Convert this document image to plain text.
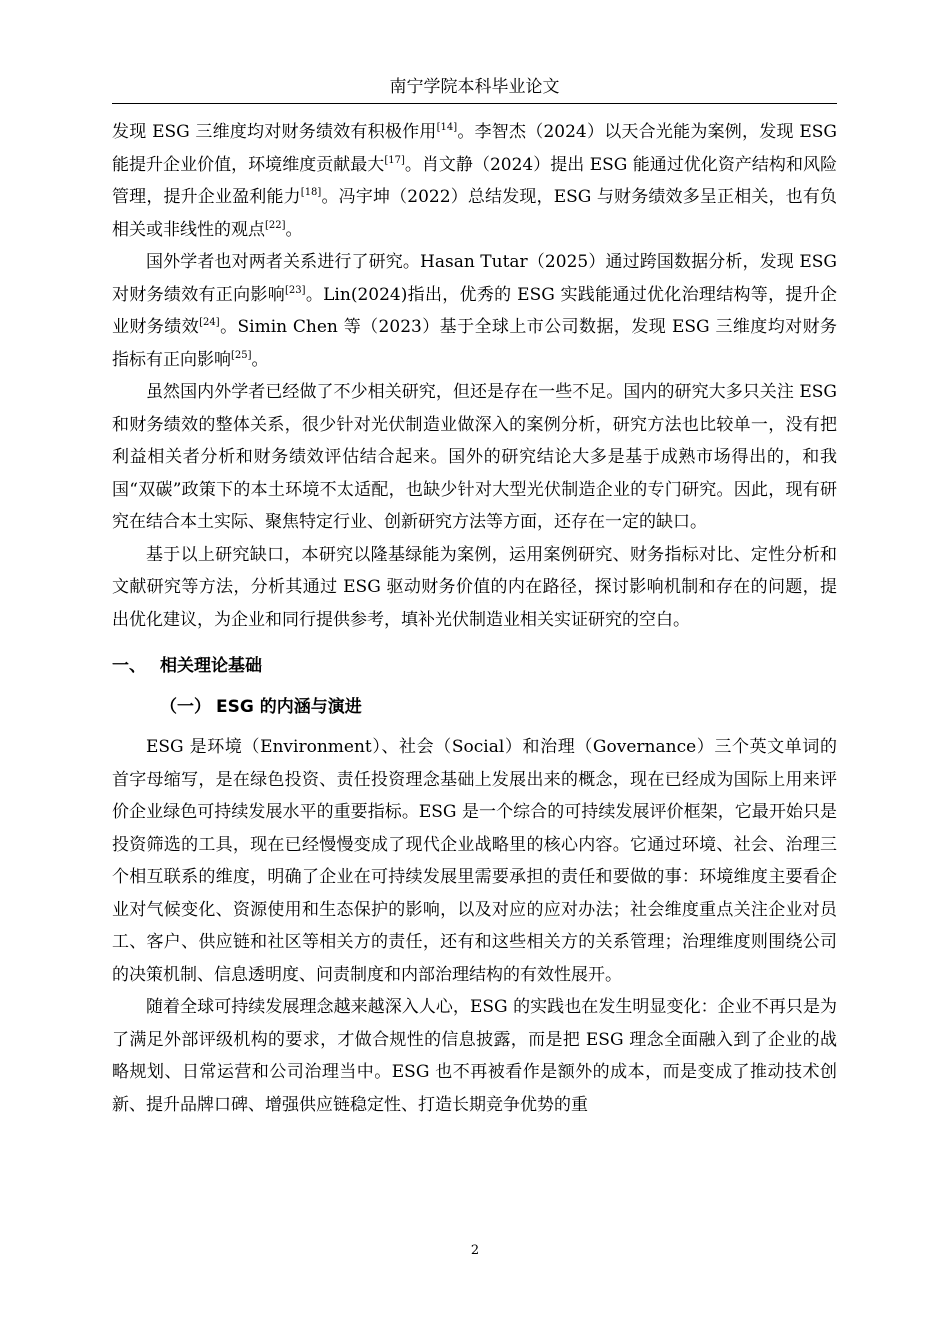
南宁学院本科毕业论文

发现 ESG 三维度均对财务绩效有积极作用[14]。李智杰（2024）以天合光能为案例，发现 ESG 能提升企业价值，环境维度贡献最大[17]。肖文静（2024）提出 ESG 能通过优化资产结构和风险管理，提升企业盈利能力[18]。冯宇坤（2022）总结发现，ESG 与财务绩效多呈正相关，也有负相关或非线性的观点[22]。

国外学者也对两者关系进行了研究。Hasan Tutar（2025）通过跨国数据分析，发现 ESG 对财务绩效有正向影响[23]。Lin(2024)指出，优秀的 ESG 实践能通过优化治理结构等，提升企业财务绩效[24]。Simin Chen 等（2023）基于全球上市公司数据，发现 ESG 三维度均对财务指标有正向影响[25]。

虽然国内外学者已经做了不少相关研究，但还是存在一些不足。国内的研究大多只关注 ESG 和财务绩效的整体关系，很少针对光伏制造业做深入的案例分析，研究方法也比较单一，没有把利益相关者分析和财务绩效评估结合起来。国外的研究结论大多是基于成熟市场得出的，和我国“双碳”政策下的本土环境不太适配，也缺少针对大型光伏制造企业的专门研究。因此，现有研究在结合本土实际、聚焦特定行业、创新研究方法等方面，还存在一定的缺口。

基于以上研究缺口，本研究以隆基绿能为案例，运用案例研究、财务指标对比、定性分析和文献研究等方法，分析其通过 ESG 驱动财务价值的内在路径，探讨影响机制和存在的问题，提出优化建议，为企业和同行提供参考，填补光伏制造业相关实证研究的空白。

一、 相关理论基础
（一） ESG 的内涵与演进

ESG 是环境（Environment）、社会（Social）和治理（Governance）三个英文单词的首字母缩写，是在绿色投资、责任投资理念基础上发展出来的概念，现在已经成为国际上用来评价企业绿色可持续发展水平的重要指标。ESG 是一个综合的可持续发展评价框架，它最开始只是投资筛选的工具，现在已经慢慢变成了现代企业战略里的核心内容。它通过环境、社会、治理三个相互联系的维度，明确了企业在可持续发展里需要承担的责任和要做的事：环境维度主要看企业对气候变化、资源使用和生态保护的影响，以及对应的应对办法；社会维度重点关注企业对员工、客户、供应链和社区等相关方的责任，还有和这些相关方的关系管理；治理维度则围绕公司的决策机制、信息透明度、问责制度和内部治理结构的有效性展开。

随着全球可持续发展理念越来越深入人心，ESG 的实践也在发生明显变化：企业不再只是为了满足外部评级机构的要求，才做合规性的信息披露，而是把 ESG 理念全面融入到了企业的战略规划、日常运营和公司治理当中。ESG 也不再被看作是额外的成本，而是变成了推动技术创新、提升品牌口碑、增强供应链稳定性、打造长期竞争优势的重

2
